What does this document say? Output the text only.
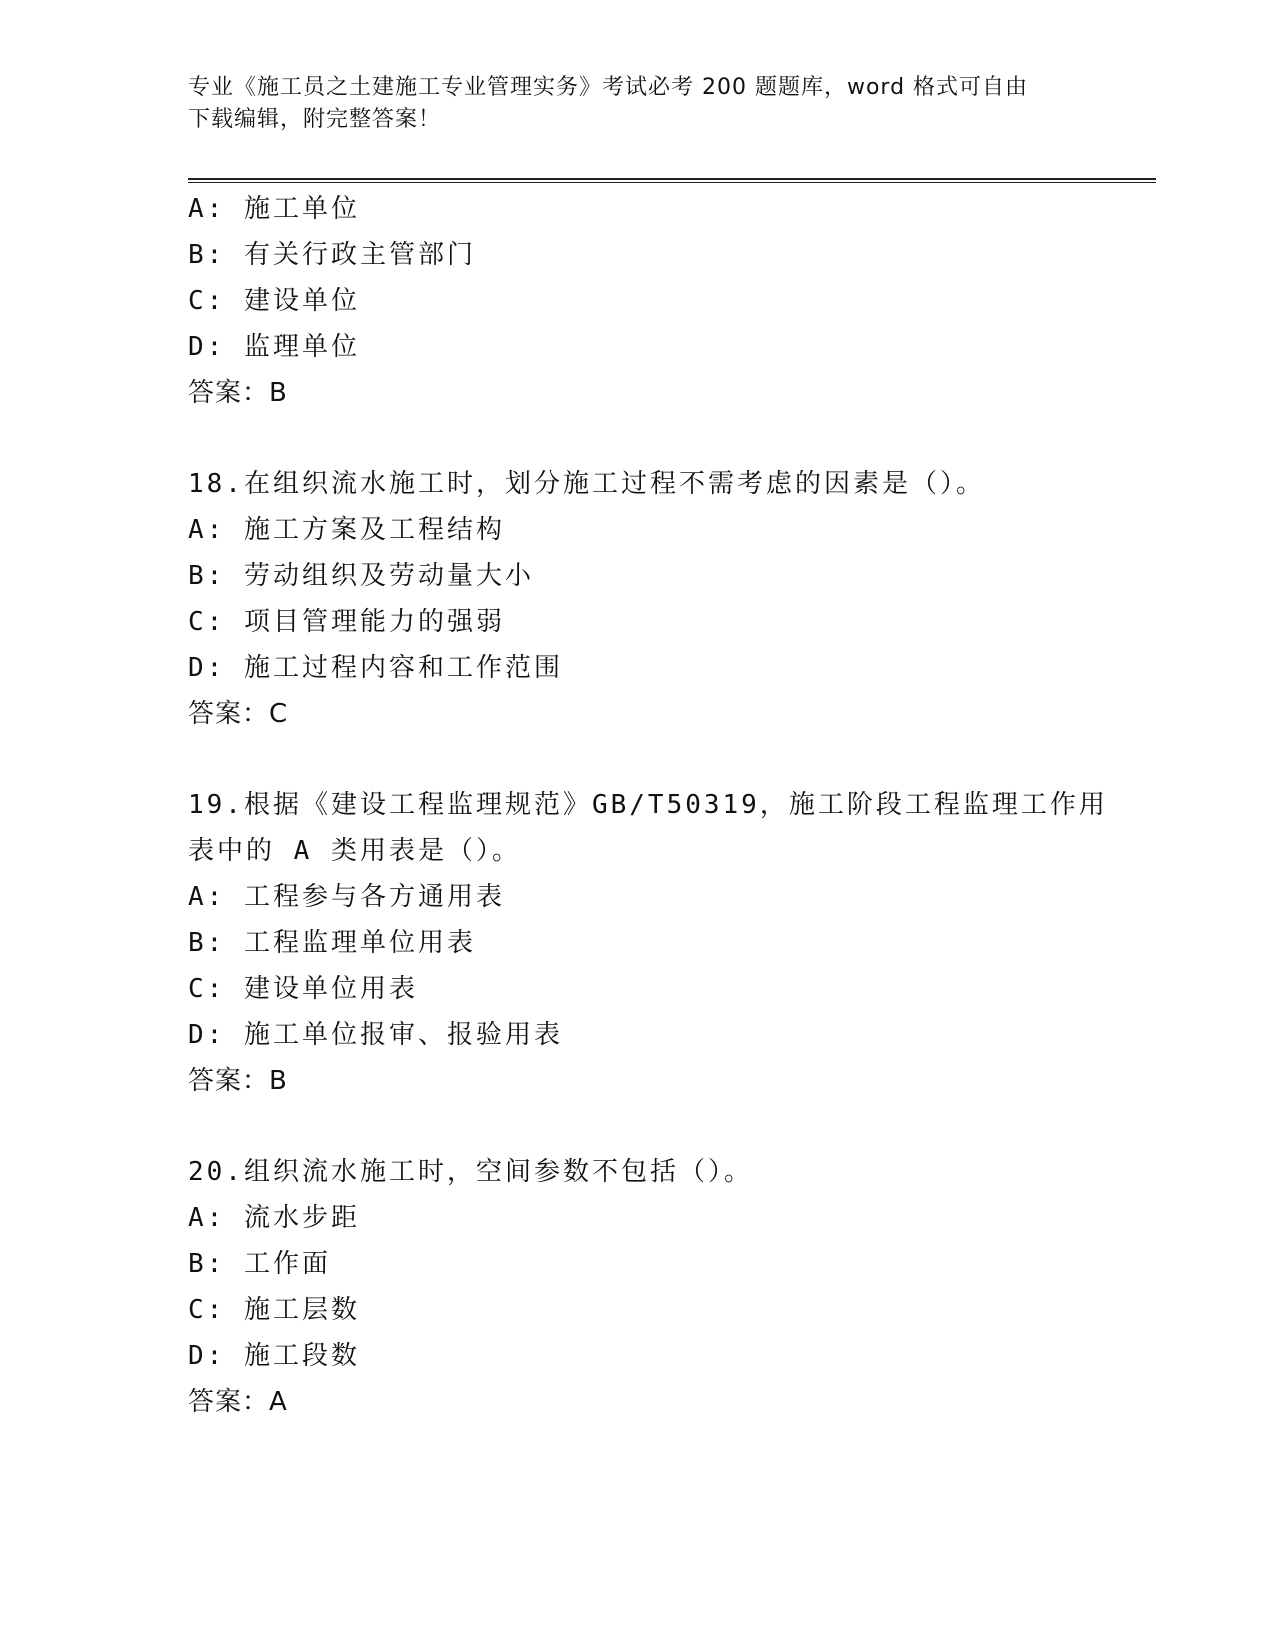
专业《施工员之土建施工专业管理实务》考试必考 200 题题库，word 格式可自由
下载编辑，附完整答案！
A: 施工单位
B: 有关行政主管部门
C: 建设单位
D: 监理单位
答案：B
18.在组织流水施工时，划分施工过程不需考虑的因素是（）。
A: 施工方案及工程结构
B: 劳动组织及劳动量大小
C: 项目管理能力的强弱
D: 施工过程内容和工作范围
答案：C
19.根据《建设工程监理规范》GB/T50319，施工阶段工程监理工作用
表中的 A 类用表是（）。
A: 工程参与各方通用表
B: 工程监理单位用表
C: 建设单位用表
D: 施工单位报审、报验用表
答案：B
20.组织流水施工时，空间参数不包括（）。
A: 流水步距
B: 工作面
C: 施工层数
D: 施工段数
答案：A
